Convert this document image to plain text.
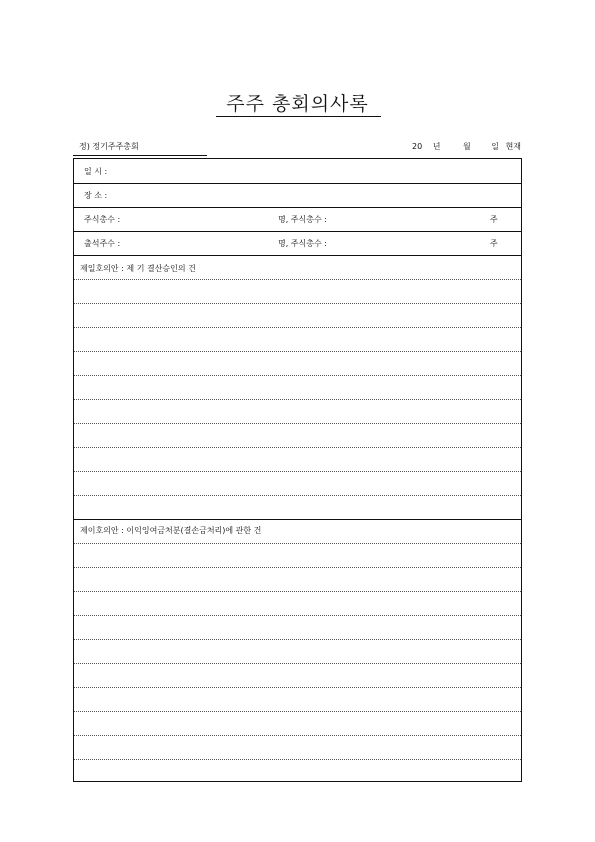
주주 총회의사록
정) 정기주주총회	20 년	월	일 현재
일 시 :
장 소 :
주식총수 :	명, 주식총수 :	주
출석주수 :	명, 주식총수 :	주
제일호의안 : 제 기 결산승인의 건
제이호의안 : 이익잉여금처분(결손금처리)에 관한 건
